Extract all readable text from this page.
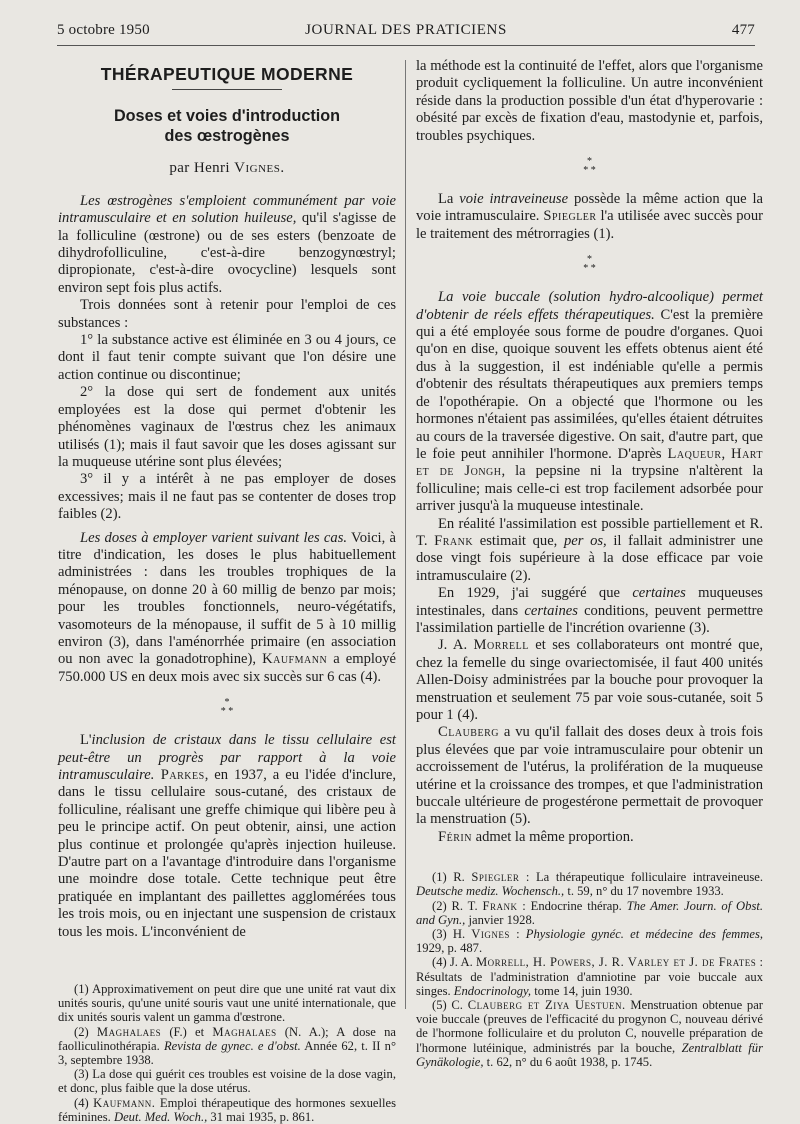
5 octobre 1950	JOURNAL DES PRATICIENS	477
THÉRAPEUTIQUE MODERNE
Doses et voies d'introduction
des œstrogènes
par Henri Vignes.

Les œstrogènes s'emploient communément par voie intramusculaire et en solution huileuse, qu'il s'agisse de la folliculine (œstrone) ou de ses esters (benzoate de dihydrofolliculine, c'est-à-dire benzogynœstryl; dipropionate, c'est-à-dire ovocycline) lesquels sont environ sept fois plus actifs.

Trois données sont à retenir pour l'emploi de ces substances :

1° la substance active est éliminée en 3 ou 4 jours, ce dont il faut tenir compte suivant que l'on désire une action continue ou discontinue;

2° la dose qui sert de fondement aux unités employées est la dose qui permet d'obtenir les phénomènes vaginaux de l'œstrus chez les animaux utilisés (1); mais il faut savoir que les doses agissant sur la muqueuse utérine sont plus élevées;

3° il y a intérêt à ne pas employer de doses excessives; mais il ne faut pas se contenter de doses trop faibles (2).

Les doses à employer varient suivant les cas. Voici, à titre d'indication, les doses le plus habituellement administrées : dans les troubles trophiques de la ménopause, on donne 20 à 60 millig de benzo par mois; pour les troubles fonctionnels, neuro-végétatifs, vasomoteurs de la ménopause, il suffit de 5 à 10 millig environ (3), dans l'aménorrhée primaire (en association ou non avec la gonadotrophine), Kaufmann a employé 750.000 US en deux mois avec six succès sur 6 cas (4).

*
* *

L'inclusion de cristaux dans le tissu cellulaire est peut-être un progrès par rapport à la voie intramusculaire. Parkes, en 1937, a eu l'idée d'inclure, dans le tissu cellulaire sous-cutané, des cristaux de folliculine, réalisant une greffe chimique qui libère peu à peu le principe actif. On peut obtenir, ainsi, une action plus continue et prolongée qu'après injection huileuse. D'autre part on a l'avantage d'introduire dans l'organisme une moindre dose totale. Cette technique peut être pratiquée en implantant des paillettes agglomérées tous les trois mois, ou en injectant une suspension de cristaux tous les mois. L'inconvénient de

(1) Approximativement on peut dire que une unité rat vaut dix unités souris, qu'une unité souris vaut une unité internationale, que dix unités souris valent un gamma d'œstrone.

(2) Maghalaes (F.) et Maghalaes (N. A.); A dose na faolliculinothérapia. Revista de gynec. e d'obst. Année 62, t. II n° 3, septembre 1938.

(3) La dose qui guérit ces troubles est voisine de la dose vagin, et donc, plus faible que la dose utérus.

(4) Kaufmann. Emploi thérapeutique des hormones sexuelles féminines. Deut. Med. Woch., 31 mai 1935, p. 861.

la méthode est la continuité de l'effet, alors que l'organisme produit cycliquement la folliculine. Un autre inconvénient réside dans la production possible d'un état d'hyperovarie : obésité par excès de fixation d'eau, mastodynie et, parfois, troubles psychiques.

*
* *

La voie intraveineuse possède la même action que la voie intramusculaire. Spiegler l'a utilisée avec succès pour le traitement des métrorragies (1).

*
* *

La voie buccale (solution hydro-alcoolique) permet d'obtenir de réels effets thérapeutiques. C'est la première qui a été employée sous forme de poudre d'organes. Quoi qu'on en dise, quoique souvent les effets obtenus aient été dus à la suggestion, il est indéniable qu'elle a permis d'obtenir des résultats thérapeutiques aux premiers temps de l'opothérapie. On a objecté que l'hormone ou les hormones n'étaient pas assimilées, qu'elles étaient détruites au cours de la traversée digestive. On sait, d'autre part, que le foie peut annihiler l'hormone. D'après Laqueur, Hart et de Jongh, la pepsine ni la trypsine n'altèrent la folliculine; mais celle-ci est trop facilement adsorbée pour arriver jusqu'à la muqueuse intestinale.

En réalité l'assimilation est possible partiellement et R. T. Frank estimait que, per os, il fallait administrer une dose vingt fois supérieure à la dose efficace par voie intramusculaire (2).

En 1929, j'ai suggéré que certaines muqueuses intestinales, dans certaines conditions, peuvent permettre l'assimilation partielle de l'incrétion ovarienne (3).

J. A. Morrell et ses collaborateurs ont montré que, chez la femelle du singe ovariectomisée, il faut 400 unités Allen-Doisy administrées par la bouche pour provoquer la menstruation et seulement 75 par voie sous-cutanée, soit 5 pour 1 (4).

Clauberg a vu qu'il fallait des doses deux à trois fois plus élevées que par voie intramusculaire pour obtenir un accroissement de l'utérus, la prolifération de la muqueuse utérine et la croissance des trompes, et que l'administration buccale ultérieure de progestérone permettait de provoquer la menstruation (5).

Férin admet la même proportion.

(1) R. Spiegler : La thérapeutique folliculaire intraveineuse. Deutsche mediz. Wochensch., t. 59, n° du 17 novembre 1933.

(2) R. T. Frank : Endocrine thérap. The Amer. Journ. of Obst. and Gyn., janvier 1928.

(3) H. Vignes : Physiologie gynéc. et médecine des femmes, 1929, p. 487.

(4) J. A. Morrell, H. Powers, J. R. Varley et J. de Frates : Résultats de l'administration d'amniotine par voie buccale aux singes. Endocrinology, tome 14, juin 1930.

(5) C. Clauberg et Ziya Uestuen. Menstruation obtenue par voie buccale (preuves de l'efficacité du progynon C, nouveau dérivé de l'hormone folliculaire et du proluton C, nouvelle préparation de l'hormone lutéinique, administrés par la bouche, Zentralblatt für Gynäkologie, t. 62, n° du 6 août 1938, p. 1745.
